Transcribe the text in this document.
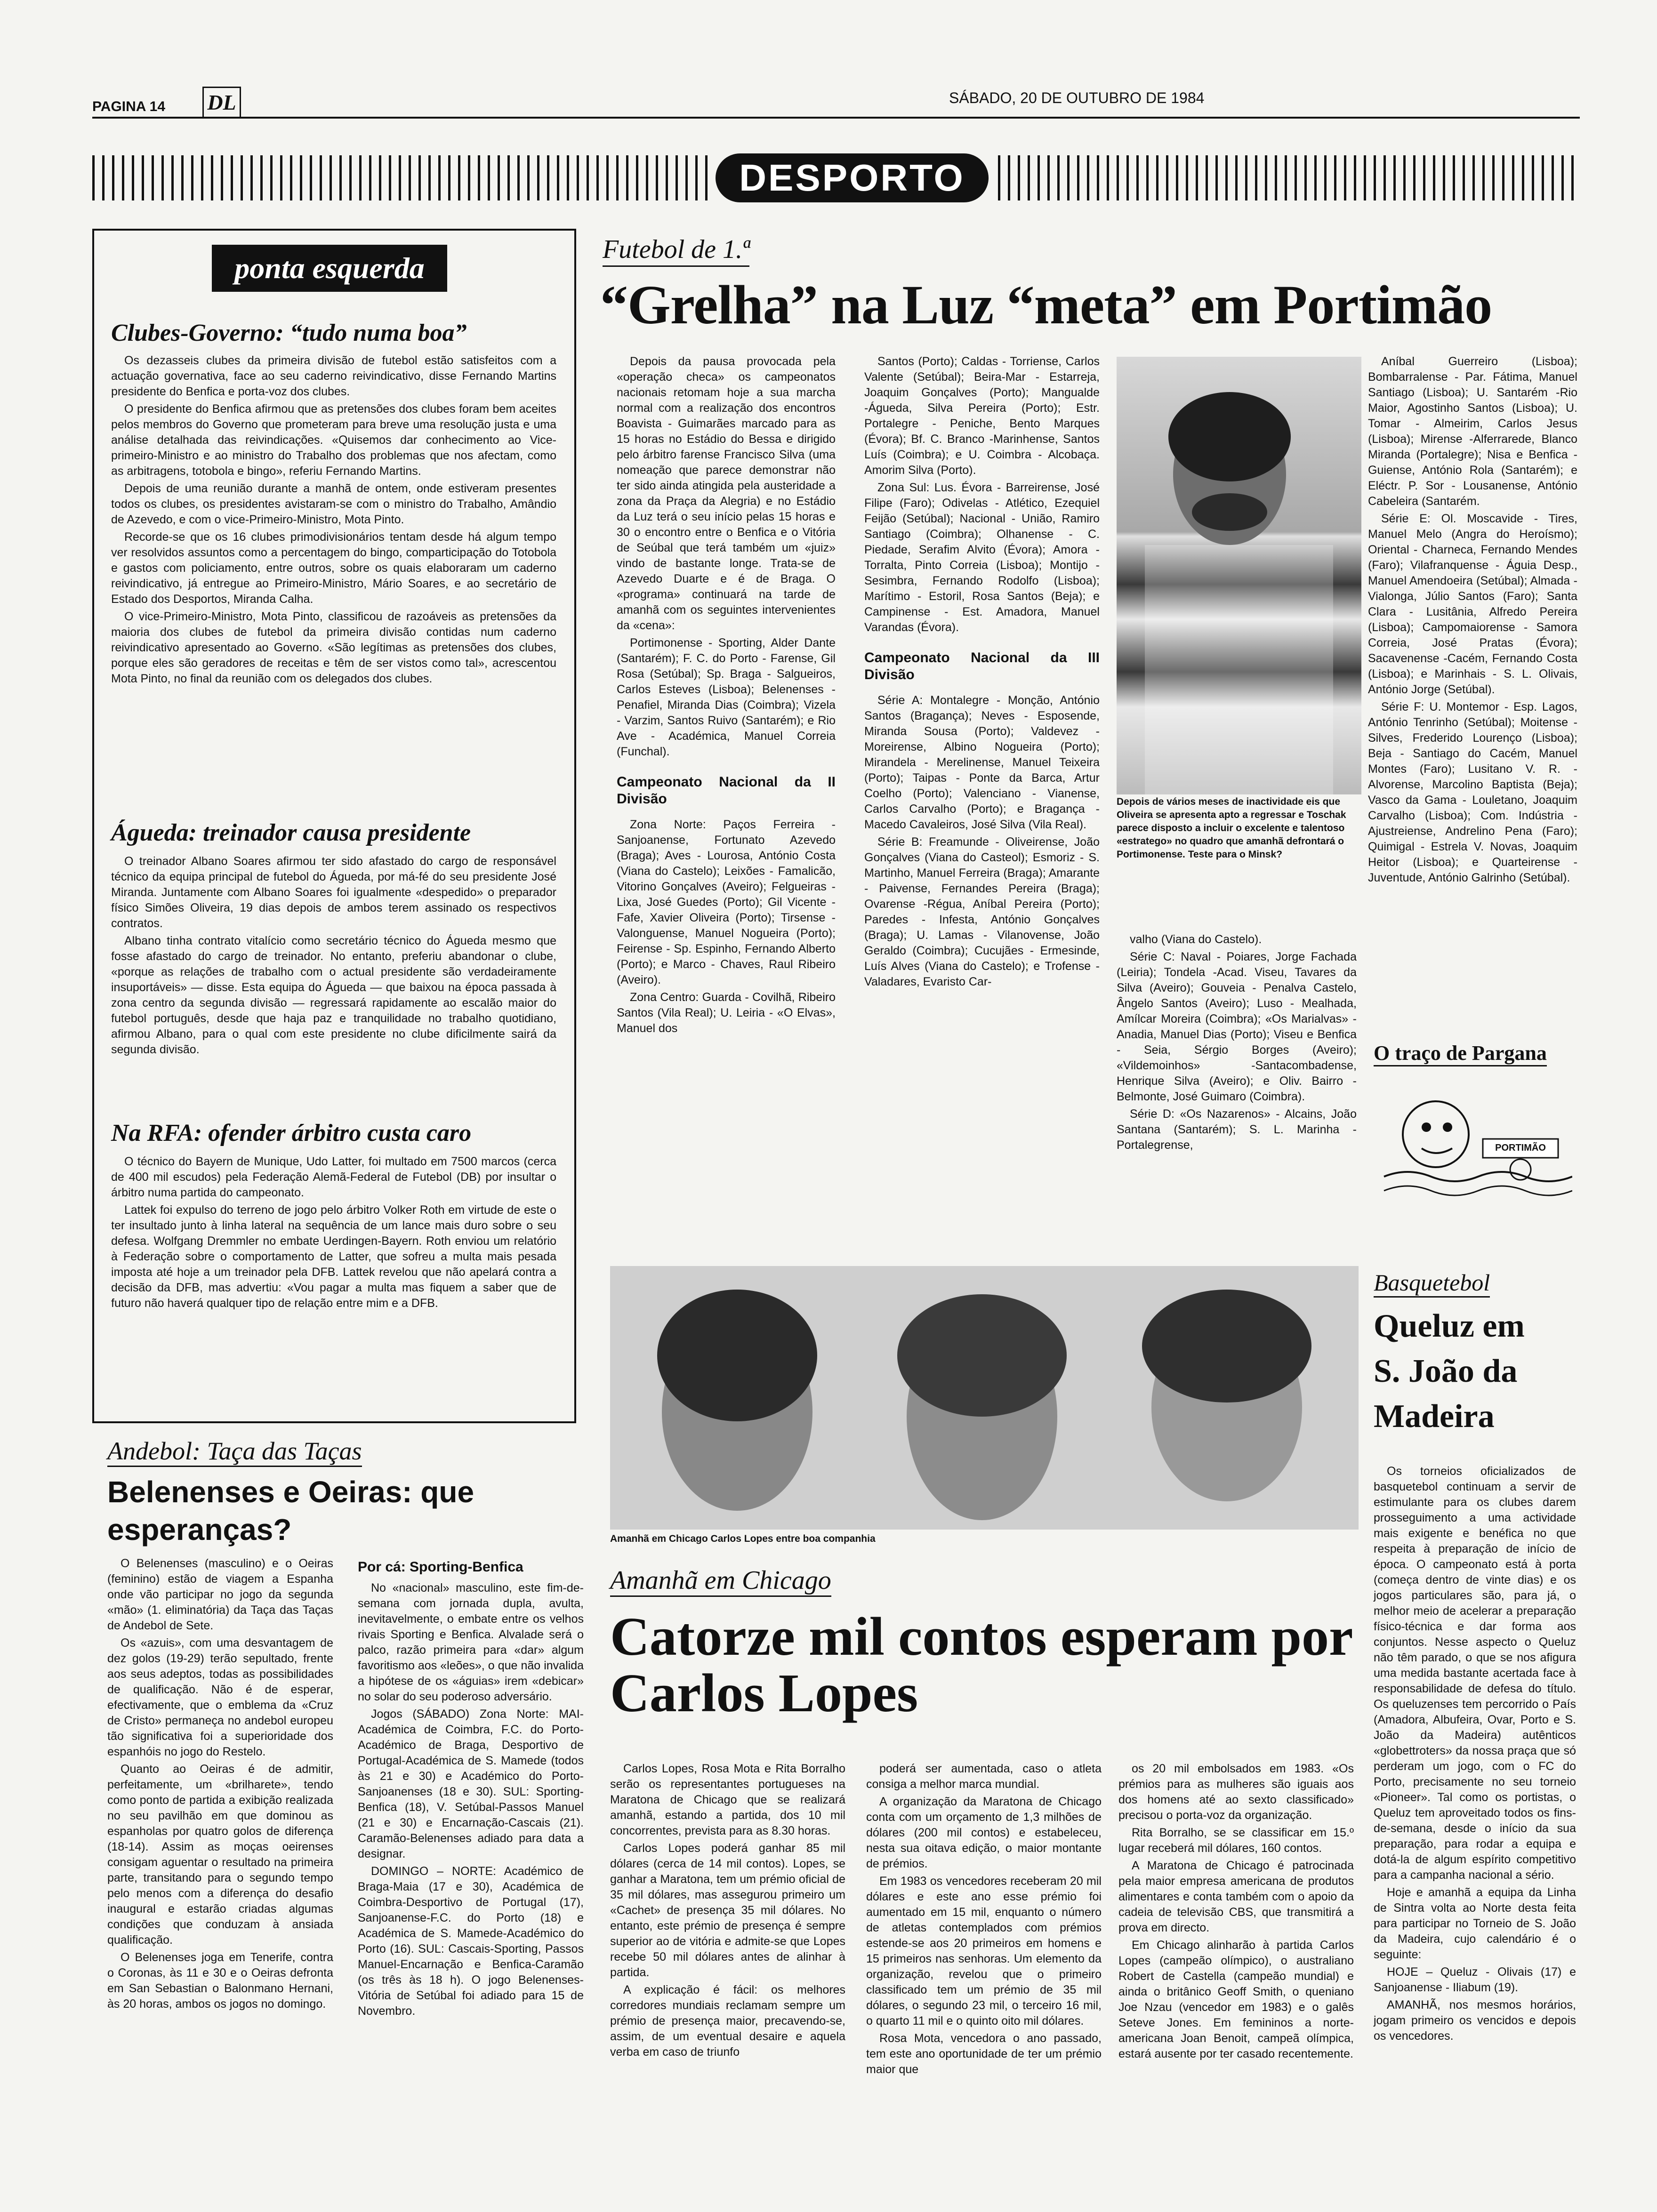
PAGINA 14 DL	SÁBADO, 20 DE OUTUBRO DE 1984
DESPORTO
ponta esquerda
Clubes-Governo: “tudo numa boa”

Os dezasseis clubes da primeira divisão de futebol estão satisfeitos com a actuação governativa, face ao seu caderno reivindicativo, disse Fernando Martins presidente do Benfica e porta-voz dos clubes.

O presidente do Benfica afirmou que as pretensões dos clubes foram bem aceites pelos membros do Governo que prometeram para breve uma resolução justa e uma análise detalhada das reivindicações. «Quisemos dar conhecimento ao Vice-primeiro-Ministro e ao ministro do Trabalho dos problemas que nos afectam, como as arbitragens, totobola e bingo», referiu Fernando Martins.

Depois de uma reunião durante a manhã de ontem, onde estiveram presentes todos os clubes, os presidentes avistaram-se com o ministro do Trabalho, Amândio de Azevedo, e com o vice-Primeiro-Ministro, Mota Pinto.

Recorde-se que os 16 clubes primodivisionários tentam desde há algum tempo ver resolvidos assuntos como a percentagem do bingo, comparticipação do Totobola e gastos com policiamento, entre outros, sobre os quais elaboraram um caderno reivindicativo, já entregue ao Primeiro-Ministro, Mário Soares, e ao secretário de Estado dos Desportos, Miranda Calha.

O vice-Primeiro-Ministro, Mota Pinto, classificou de razoáveis as pretensões da maioria dos clubes de futebol da primeira divisão contidas num caderno reivindicativo apresentado ao Governo. «São legítimas as pretensões dos clubes, porque eles são geradores de receitas e têm de ser vistos como tal», acrescentou Mota Pinto, no final da reunião com os delegados dos clubes.

Águeda: treinador causa presidente

O treinador Albano Soares afirmou ter sido afastado do cargo de responsável técnico da equipa principal de futebol do Águeda, por má-fé do seu presidente José Miranda. Juntamente com Albano Soares foi igualmente «despedido» o preparador físico Simões Oliveira, 19 dias depois de ambos terem assinado os respectivos contratos.

Albano tinha contrato vitalício como secretário técnico do Águeda mesmo que fosse afastado do cargo de treinador. No entanto, preferiu abandonar o clube, «porque as relações de trabalho com o actual presidente são verdadeiramente insuportáveis» — disse. Esta equipa do Águeda — que baixou na época passada à zona centro da segunda divisão — regressará rapidamente ao escalão maior do futebol português, desde que haja paz e tranquilidade no trabalho quotidiano, afirmou Albano, para o qual com este presidente no clube dificilmente sairá da segunda divisão.

Na RFA: ofender árbitro custa caro

O técnico do Bayern de Munique, Udo Latter, foi multado em 7500 marcos (cerca de 400 mil escudos) pela Federação Alemã-Federal de Futebol (DB) por insultar o árbitro numa partida do campeonato.

Lattek foi expulso do terreno de jogo pelo árbitro Volker Roth em virtude de este o ter insultado junto à linha lateral na sequência de um lance mais duro sobre o seu defesa. Wolfgang Dremmler no embate Uerdingen-Bayern. Roth enviou um relatório à Federação sobre o comportamento de Latter, que sofreu a multa mais pesada imposta até hoje a um treinador pela DFB. Lattek revelou que não apelará contra a decisão da DFB, mas advertiu: «Vou pagar a multa mas fiquem a saber que de futuro não haverá qualquer tipo de relação entre mim e a DFB.

Futebol de 1.ª
“Grelha” na Luz “meta” em Portimão

Depois da pausa provocada pela «operação checa» os campeonatos nacionais retomam hoje a sua marcha normal com a realização dos encontros Boavista - Guimarães marcado para as 15 horas no Estádio do Bessa e dirigido pelo árbitro farense Francisco Silva (uma nomeação que parece demonstrar não ter sido ainda atingida pela austeridade a zona da Praça da Alegria) e no Estádio da Luz terá o seu início pelas 15 horas e 30 o encontro entre o Benfica e o Vitória de Seúbal que terá também um «juiz» vindo de bastante longe. Trata-se de Azevedo Duarte e é de Braga. O «programa» continuará na tarde de amanhã com os seguintes intervenientes da «cena»:

Portimonense - Sporting, Alder Dante (Santarém); F. C. do Porto - Farense, Gil Rosa (Setúbal); Sp. Braga - Salgueiros, Carlos Esteves (Lisboa); Belenenses - Penafiel, Miranda Dias (Coimbra); Vizela - Varzim, Santos Ruivo (Santarém); e Rio Ave - Académica, Manuel Correia (Funchal).

Campeonato Nacional da II Divisão

Zona Norte: Paços Ferreira -Sanjoanense, Fortunato Azevedo (Braga); Aves - Lourosa, António Costa (Viana do Castelo); Leixões - Famalicão, Vitorino Gonçalves (Aveiro); Felgueiras - Lixa, José Guedes (Porto); Gil Vicente - Fafe, Xavier Oliveira (Porto); Tirsense - Valonguense, Manuel Nogueira (Porto); Feirense - Sp. Espinho, Fernando Alberto (Porto); e Marco - Chaves, Raul Ribeiro (Aveiro).

Zona Centro: Guarda - Covilhã, Ribeiro Santos (Vila Real); U. Leiria - «O Elvas», Manuel dos

Santos (Porto); Caldas - Torriense, Carlos Valente (Setúbal); Beira-Mar - Estarreja, Joaquim Gonçalves (Porto); Mangualde -Águeda, Silva Pereira (Porto); Estr. Portalegre - Peniche, Bento Marques (Évora); Bf. C. Branco -Marinhense, Santos Luís (Coimbra); e U. Coimbra - Alcobaça. Amorim Silva (Porto).

Zona Sul: Lus. Évora - Barreirense, José Filipe (Faro); Odivelas - Atlético, Ezequiel Feijão (Setúbal); Nacional - União, Ramiro Santiago (Coimbra); Olhanense - C. Piedade, Serafim Alvito (Évora); Amora - Torralta, Pinto Correia (Lisboa); Montijo -Sesimbra, Fernando Rodolfo (Lisboa); Marítimo - Estoril, Rosa Santos (Beja); e Campinense - Est. Amadora, Manuel Varandas (Évora).

Campeonato Nacional da III Divisão

Série A: Montalegre - Monção, António Santos (Bragança); Neves - Esposende, Miranda Sousa (Porto); Valdevez - Moreirense, Albino Nogueira (Porto); Mirandela - Merelinense, Manuel Teixeira (Porto); Taipas - Ponte da Barca, Artur Coelho (Porto); Valenciano - Vianense, Carlos Carvalho (Porto); e Bragança -Macedo Cavaleiros, José Silva (Vila Real).

Série B: Freamunde - Oliveirense, João Gonçalves (Viana do Casteol); Esmoriz - S. Martinho, Manuel Ferreira (Braga); Amarante - Paivense, Fernandes Pereira (Braga); Ovarense -Régua, Aníbal Pereira (Porto); Paredes - Infesta, António Gonçalves (Braga); U. Lamas - Vilanovense, João Geraldo (Coimbra); Cucujães - Ermesinde, Luís Alves (Viana do Castelo); e Trofense - Valadares, Evaristo Car-

Depois de vários meses de inactividade eis que Oliveira se apresenta apto a regressar e Toschak parece disposto a incluir o excelente e talentoso «estratego» no quadro que amanhã defrontará o Portimonense. Teste para o Minsk?

valho (Viana do Castelo).

Série C: Naval - Poiares, Jorge Fachada (Leiria); Tondela -Acad. Viseu, Tavares da Silva (Aveiro); Gouveia - Penalva Castelo, Ângelo Santos (Aveiro); Luso - Mealhada, Amílcar Moreira (Coimbra); «Os Marialvas» - Anadia, Manuel Dias (Porto); Viseu e Benfica - Seia, Sérgio Borges (Aveiro); «Vildemoinhos» -Santacombadense, Henrique Silva (Aveiro); e Oliv. Bairro -Belmonte, José Guimaro (Coimbra).

Série D: «Os Nazarenos» - Alcains, João Santana (Santarém); S. L. Marinha - Portalegrense,

Aníbal Guerreiro (Lisboa); Bombarralense - Par. Fátima, Manuel Santiago (Lisboa); U. Santarém -Rio Maior, Agostinho Santos (Lisboa); U. Tomar - Almeirim, Carlos Jesus (Lisboa); Mirense -Alferrarede, Blanco Miranda (Portalegre); Nisa e Benfica -Guiense, António Rola (Santarém); e Eléctr. P. Sor - Lousanense, António Cabeleira (Santarém.

Série E: Ol. Moscavide - Tires, Manuel Melo (Angra do Heroísmo); Oriental - Charneca, Fernando Mendes (Faro); Vilafranquense - Águia Desp., Manuel Amendoeira (Setúbal); Almada -Vialonga, Júlio Santos (Faro); Santa Clara - Lusitânia, Alfredo Pereira (Lisboa); Campomaiorense - Samora Correia, José Pratas (Évora); Sacavenense -Cacém, Fernando Costa (Lisboa); e Marinhais - S. L. Olivais, António Jorge (Setúbal).

Série F: U. Montemor - Esp. Lagos, António Tenrinho (Setúbal); Moitense - Silves, Frederido Lourenço (Lisboa); Beja - Santiago do Cacém, Manuel Montes (Faro); Lusitano V. R. - Alvorense, Marcolino Baptista (Beja); Vasco da Gama - Louletano, Joaquim Carvalho (Lisboa); Com. Indústria - Ajustreiense, Andrelino Pena (Faro); Quimigal - Estrela V. Novas, Joaquim Heitor (Lisboa); e Quarteirense - Juventude, António Galrinho (Setúbal).

O traço de Pargana
PORTIMÃO
Amanhã em Chicago Carlos Lopes entre boa companhia
Amanhã em Chicago
Catorze mil contos esperam por Carlos Lopes

Carlos Lopes, Rosa Mota e Rita Borralho serão os representantes portugueses na Maratona de Chicago que se realizará amanhã, estando a partida, dos 10 mil concorrentes, prevista para as 8.30 horas.

Carlos Lopes poderá ganhar 85 mil dólares (cerca de 14 mil contos). Lopes, se ganhar a Maratona, tem um prémio oficial de 35 mil dólares, mas assegurou primeiro um «Cachet» de presença 35 mil dólares. No entanto, este prémio de presença é sempre superior ao de vitória e admite-se que Lopes recebe 50 mil dólares antes de alinhar à partida.

A explicação é fácil: os melhores corredores mundiais reclamam sempre um prémio de presença maior, precavendo-se, assim, de um eventual desaire e aquela verba em caso de triunfo

poderá ser aumentada, caso o atleta consiga a melhor marca mundial.

A organização da Maratona de Chicago conta com um orçamento de 1,3 milhões de dólares (200 mil contos) e estabeleceu, nesta sua oitava edição, o maior montante de prémios.

Em 1983 os vencedores receberam 20 mil dólares e este ano esse prémio foi aumentado em 15 mil, enquanto o número de atletas contemplados com prémios estende-se aos 20 primeiros em homens e 15 primeiros nas senhoras. Um elemento da organização, revelou que o primeiro classificado tem um prémio de 35 mil dólares, o segundo 23 mil, o terceiro 16 mil, o quarto 11 mil e o quinto oito mil dólares.

Rosa Mota, vencedora o ano passado, tem este ano oportunidade de ter um prémio maior que

os 20 mil embolsados em 1983. «Os prémios para as mulheres são iguais aos dos homens até ao sexto classificado» precisou o porta-voz da organização.

Rita Borralho, se se classificar em 15.º lugar receberá mil dólares, 160 contos.

A Maratona de Chicago é patrocinada pela maior empresa americana de produtos alimentares e conta também com o apoio da cadeia de televisão CBS, que transmitirá a prova em directo.

Em Chicago alinharão à partida Carlos Lopes (campeão olímpico), o australiano Robert de Castella (campeão mundial) e ainda o britânico Geoff Smith, o queniano Joe Nzau (vencedor em 1983) e o galês Seteve Jones. Em femininos a norte-americana Joan Benoit, campeã olímpica, estará ausente por ter casado recentemente.

Basquetebol
Queluz em S. João da Madeira

Os torneios oficializados de basquetebol continuam a servir de estimulante para os clubes darem prosseguimento a uma actividade mais exigente e benéfica no que respeita à preparação de início de época. O campeonato está à porta (começa dentro de vinte dias) e os jogos particulares são, para já, o melhor meio de acelerar a preparação físico-técnica e dar forma aos conjuntos. Nesse aspecto o Queluz não têm parado, o que se nos afigura uma medida bastante acertada face à responsabilidade de defesa do título. Os queluzenses tem percorrido o País (Amadora, Albufeira, Ovar, Porto e S. João da Madeira) autênticos «globettroters» da nossa praça que só perderam um jogo, com o FC do Porto, precisamente no seu torneio «Pioneer». Tal como os portistas, o Queluz tem aproveitado todos os fins-de-semana, desde o início da sua preparação, para rodar a equipa e dotá-la de algum espírito competitivo para a campanha nacional a sério.

Hoje e amanhã a equipa da Linha de Sintra volta ao Norte desta feita para participar no Torneio de S. João da Madeira, cujo calendário é o seguinte:

HOJE – Queluz - Olivais (17) e Sanjoanense - Iliabum (19).

AMANHÃ, nos mesmos horários, jogam primeiro os vencidos e depois os vencedores.

Andebol: Taça das Taças
Belenenses e Oeiras: que esperanças?

O Belenenses (masculino) e o Oeiras (feminino) estão de viagem a Espanha onde vão participar no jogo da segunda «mão» (1. eliminatória) da Taça das Taças de Andebol de Sete.

Os «azuis», com uma desvantagem de dez golos (19-29) terão sepultado, frente aos seus adeptos, todas as possibilidades de qualificação. Não é de esperar, efectivamente, que o emblema da «Cruz de Cristo» permaneça no andebol europeu tão significativa foi a superioridade dos espanhóis no jogo do Restelo.

Quanto ao Oeiras é de admitir, perfeitamente, um «brilharete», tendo como ponto de partida a exibição realizada no seu pavilhão em que dominou as espanholas por quatro golos de diferença (18-14). Assim as moças oeirenses consigam aguentar o resultado na primeira parte, transitando para o segundo tempo pelo menos com a diferença do desafio inaugural e estarão criadas algumas condições que conduzam à ansiada qualificação.

O Belenenses joga em Tenerife, contra o Coronas, às 11 e 30 e o Oeiras defronta em San Sebastian o Balonmano Hernani, às 20 horas, ambos os jogos no domingo.

Por cá: Sporting-Benfica

No «nacional» masculino, este fim-de-semana com jornada dupla, avulta, inevitavelmente, o embate entre os velhos rivais Sporting e Benfica. Alvalade será o palco, razão primeira para «dar» algum favoritismo aos «leões», o que não invalida a hipótese de os «águias» irem «debicar» no solar do seu poderoso adversário.

Jogos (SÁBADO) Zona Norte: MAI-Académica de Coimbra, F.C. do Porto-Académico de Braga, Desportivo de Portugal-Académica de S. Mamede (todos às 21 e 30) e Académico do Porto-Sanjoanenses (18 e 30). SUL: Sporting-Benfica (18), V. Setúbal-Passos Manuel (21 e 30) e Encarnação-Cascais (21). Caramão-Belenenses adiado para data a designar.

DOMINGO – NORTE: Académico de Braga-Maia (17 e 30), Académica de Coimbra-Desportivo de Portugal (17), Sanjoanense-F.C. do Porto (18) e Académica de S. Mamede-Académico do Porto (16). SUL: Cascais-Sporting, Passos Manuel-Encarnação e Benfica-Caramão (os três às 18 h). O jogo Belenenses-Vitória de Setúbal foi adiado para 15 de Novembro.
